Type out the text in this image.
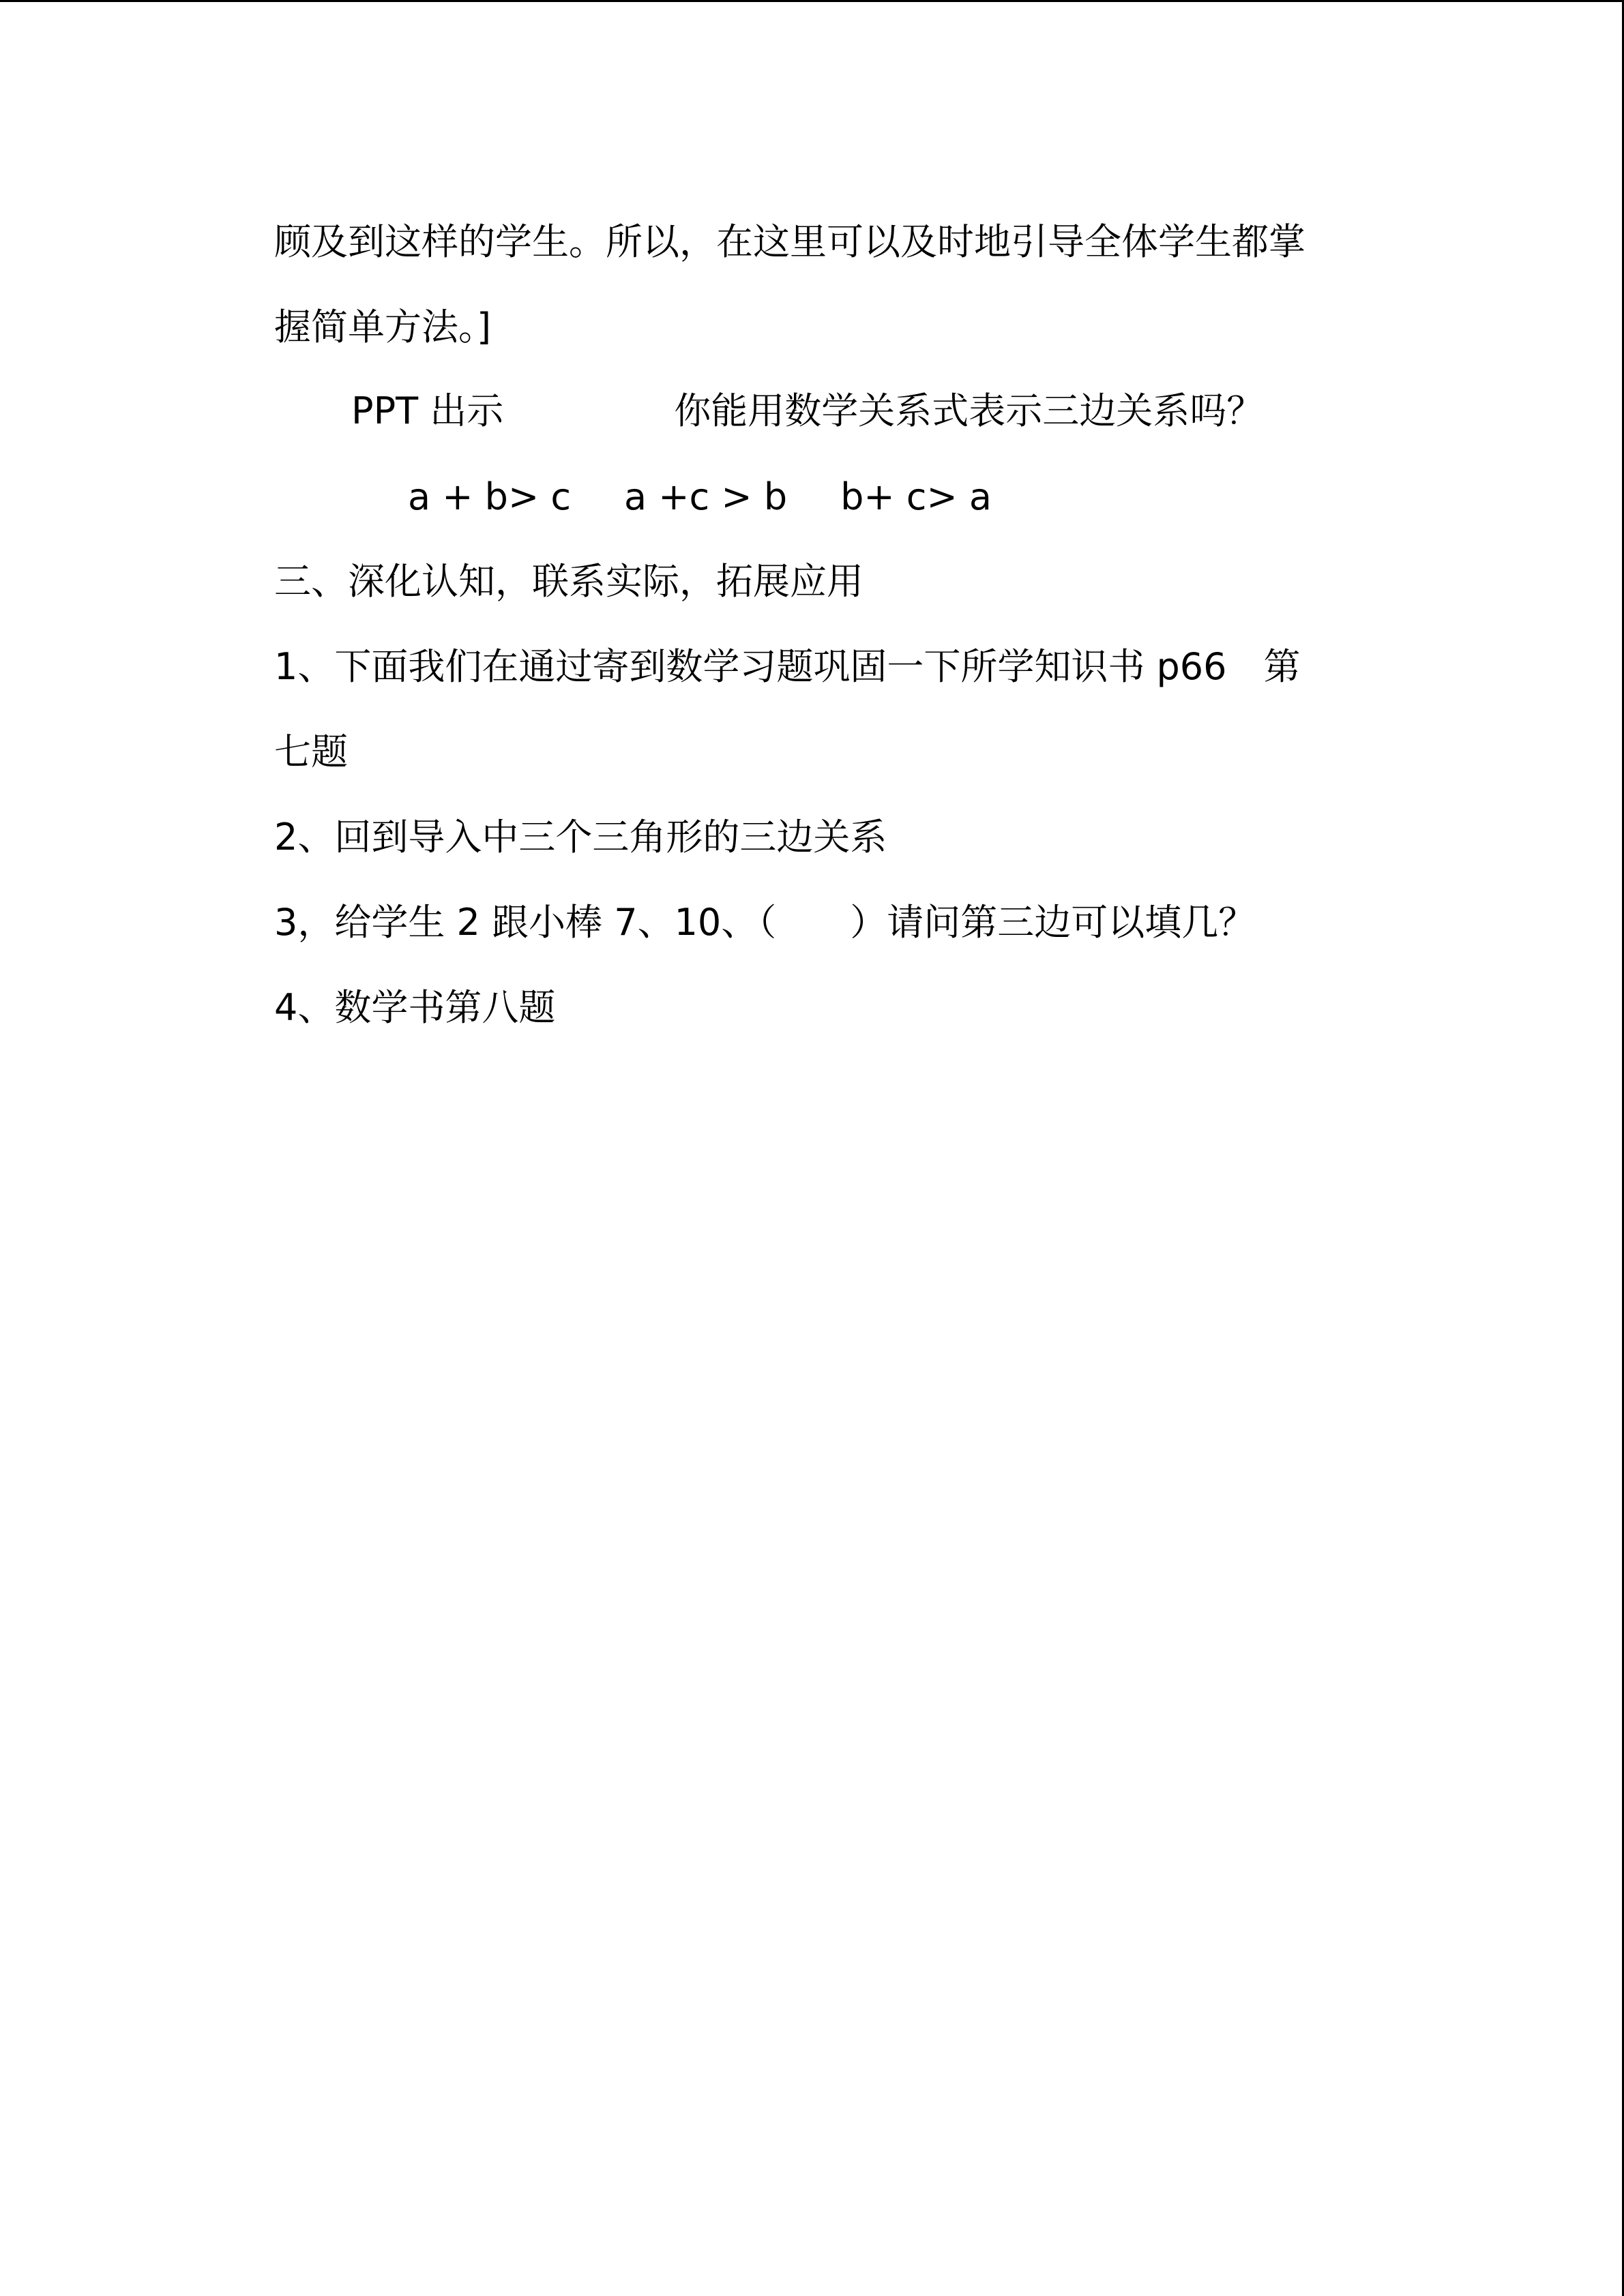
顾及到这样的学生。所以，在这里可以及时地引导全体学生都掌
握简单方法。]
PPT 出示	你能用数学关系式表示三边关系吗？
a + b> c a +c > b b+ c> a
三、深化认知，联系实际，拓展应用
1、下面我们在通过寄到数学习题巩固一下所学知识书 p66　第
七题
2、回到导入中三个三角形的三边关系
3，给学生 2 跟小棒 7、10、（　　）请问第三边可以填几？
4、数学书第八题
